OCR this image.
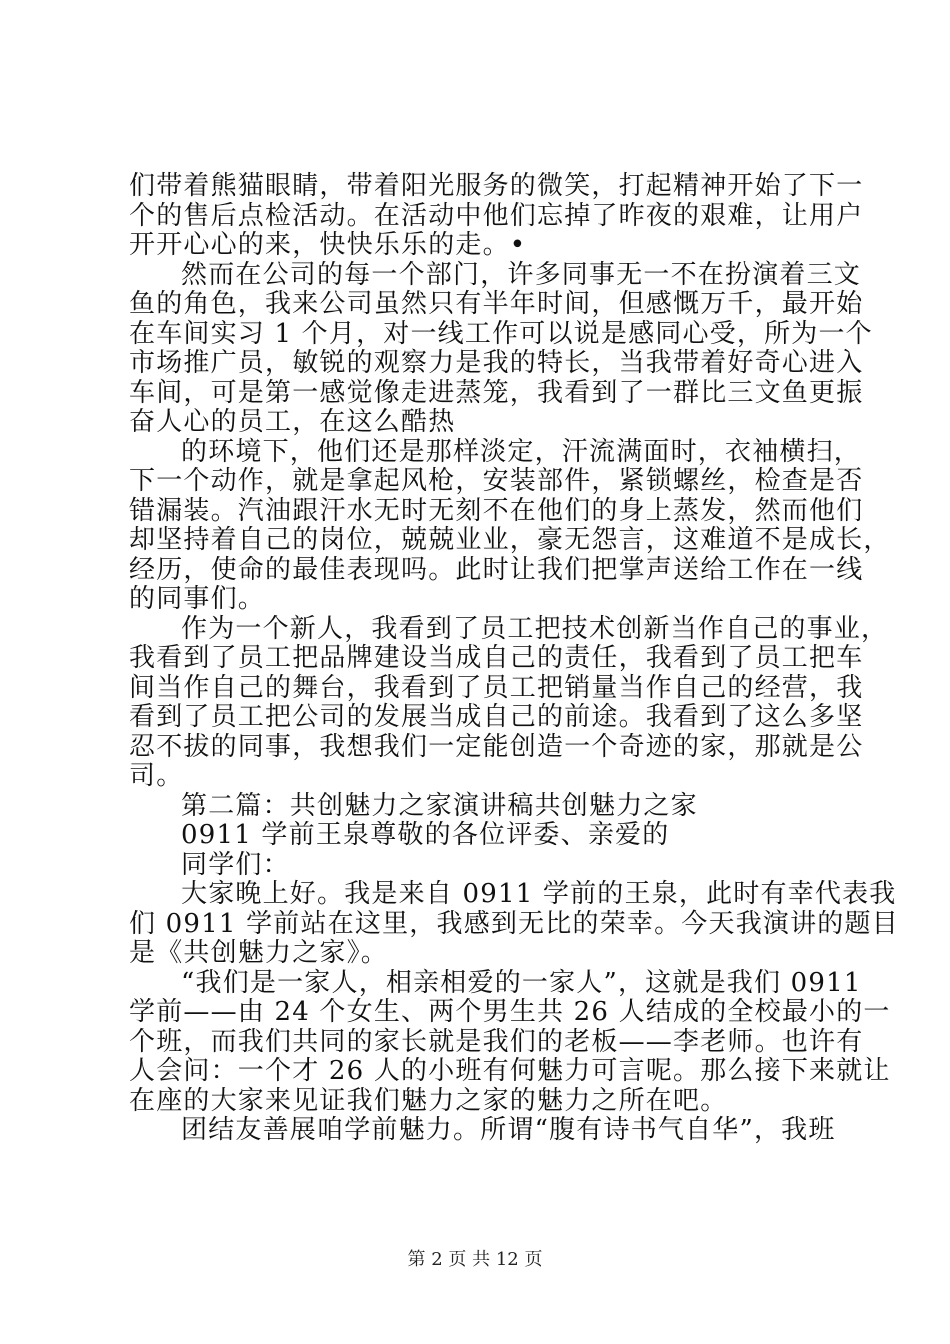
们带着熊猫眼睛，带着阳光服务的微笑，打起精神开始了下一
个的售后点检活动。在活动中他们忘掉了昨夜的艰难，让用户
开开心心的来，快快乐乐的走。•
然而在公司的每一个部门，许多同事无一不在扮演着三文
鱼的角色，我来公司虽然只有半年时间，但感慨万千，最开始
在车间实习 1 个月，对一线工作可以说是感同心受，所为一个
市场推广员，敏锐的观察力是我的特长，当我带着好奇心进入
车间，可是第一感觉像走进蒸笼，我看到了一群比三文鱼更振
奋人心的员工，在这么酷热
的环境下，他们还是那样淡定，汗流满面时，衣袖横扫，
下一个动作，就是拿起风枪，安装部件，紧锁螺丝，检查是否
错漏装。汽油跟汗水无时无刻不在他们的身上蒸发，然而他们
却坚持着自己的岗位，兢兢业业，豪无怨言，这难道不是成长，
经历，使命的最佳表现吗。此时让我们把掌声送给工作在一线
的同事们。
作为一个新人，我看到了员工把技术创新当作自己的事业，
我看到了员工把品牌建设当成自己的责任，我看到了员工把车
间当作自己的舞台，我看到了员工把销量当作自己的经营，我
看到了员工把公司的发展当成自己的前途。我看到了这么多坚
忍不拔的同事，我想我们一定能创造一个奇迹的家，那就是公
司。
第二篇：共创魅力之家演讲稿共创魅力之家
0911 学前王泉尊敬的各位评委、亲爱的
同学们：
大家晚上好。我是来自 0911 学前的王泉，此时有幸代表我
们 0911 学前站在这里，我感到无比的荣幸。今天我演讲的题目
是《共创魅力之家》。
“我们是一家人，相亲相爱的一家人”，这就是我们 0911
学前——由 24 个女生、两个男生共 26 人结成的全校最小的一
个班，而我们共同的家长就是我们的老板——李老师。也许有
人会问：一个才 26 人的小班有何魅力可言呢。那么接下来就让
在座的大家来见证我们魅力之家的魅力之所在吧。
团结友善展咱学前魅力。所谓“腹有诗书气自华”，我班
第 2 页 共 12 页
